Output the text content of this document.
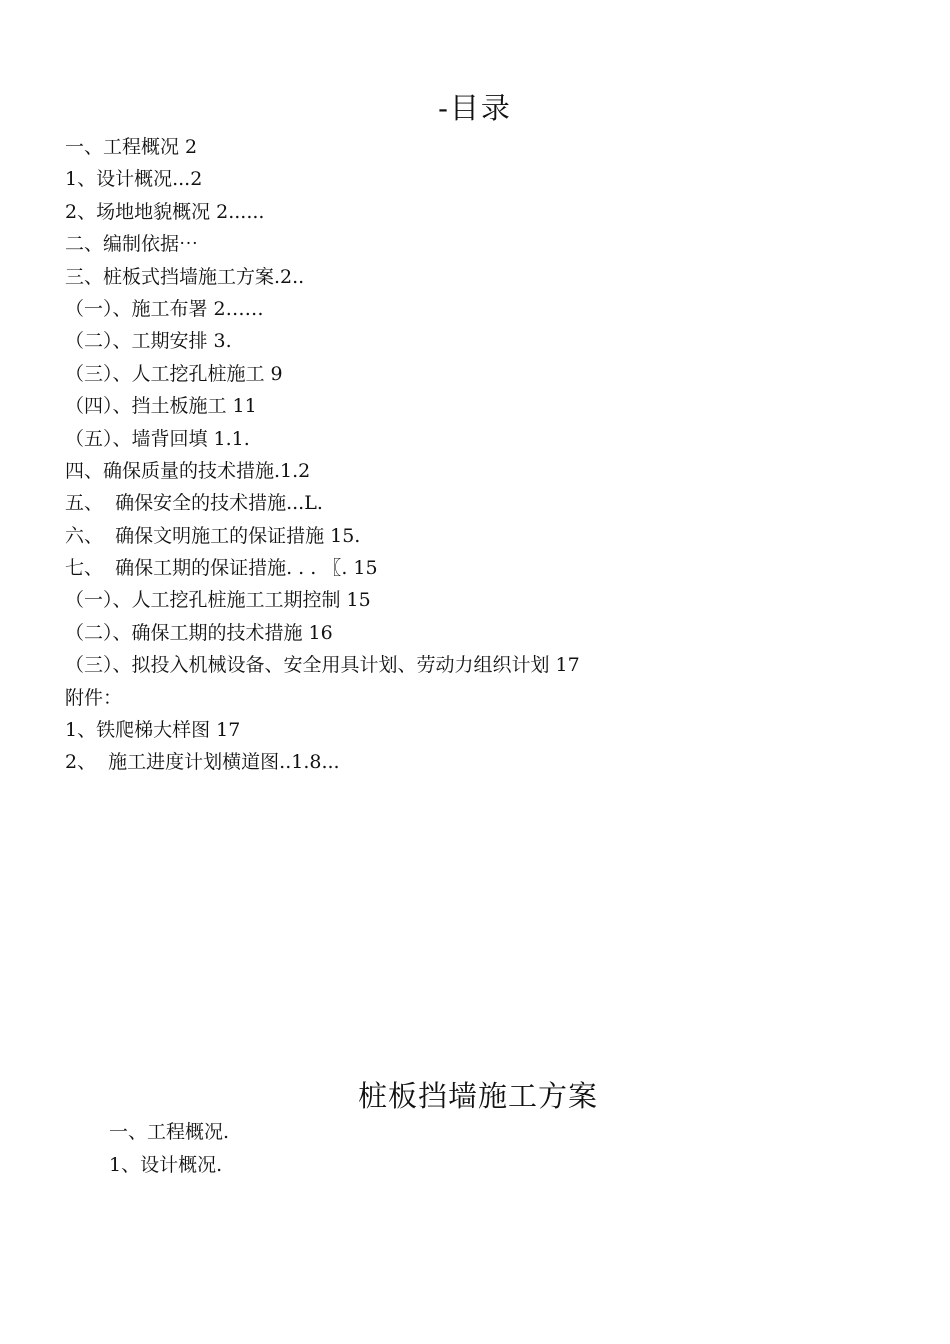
-目录
一、工程概况 2
1、设计概况...2
2、场地地貌概况 2......
二、编制依据⋯
三、桩板式挡墙施工方案.2..
（一）、施工布署 2……
（二）、工期安排 3.
（三）、人工挖孔桩施工 9
（四）、挡土板施工 11
（五）、墙背回填 1.1.
四、确保质量的技术措施.1.2
五、  确保安全的技术措施...L.
六、  确保文明施工的保证措施 15.
七、  确保工期的保证措施. . . 〖. 15
（一）、人工挖孔桩施工工期控制 15
（二）、确保工期的技术措施 16
（三）、拟投入机械设备、安全用具计划、劳动力组织计划 17
附件：
1、铁爬梯大样图 17
2、  施工进度计划横道图..1.8...
桩板挡墙施工方案
一、工程概况.
1、设计概况.
